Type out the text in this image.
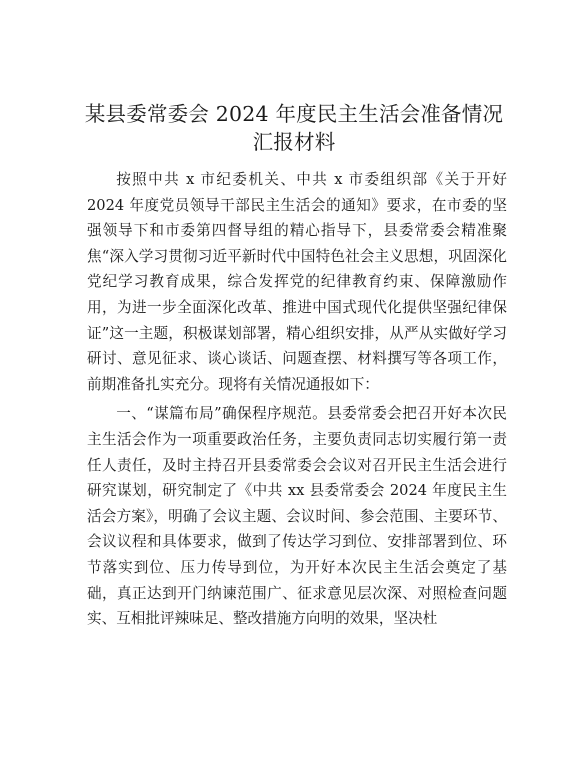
某县委常委会 2024 年度民主生活会准备情况汇报材料

按照中共 x 市纪委机关、中共 x 市委组织部《关于开好 2024 年度党员领导干部民主生活会的通知》要求，在市委的坚强领导下和市委第四督导组的精心指导下，县委常委会精准聚焦“深入学习贯彻习近平新时代中国特色社会主义思想，巩固深化党纪学习教育成果，综合发挥党的纪律教育约束、保障激励作用，为进一步全面深化改革、推进中国式现代化提供坚强纪律保证”这一主题，积极谋划部署，精心组织安排，从严从实做好学习研讨、意见征求、谈心谈话、问题查摆、材料撰写等各项工作，前期准备扎实充分。现将有关情况通报如下：

一、“谋篇布局”确保程序规范。县委常委会把召开好本次民主生活会作为一项重要政治任务，主要负责同志切实履行第一责任人责任，及时主持召开县委常委会会议对召开民主生活会进行研究谋划，研究制定了《中共 xx 县委常委会 2024 年度民主生活会方案》，明确了会议主题、会议时间、参会范围、主要环节、会议议程和具体要求，做到了传达学习到位、安排部署到位、环节落实到位、压力传导到位，为开好本次民主生活会奠定了基础，真正达到开门纳谏范围广、征求意见层次深、对照检查问题实、互相批评辣味足、整改措施方向明的效果，坚决杜
